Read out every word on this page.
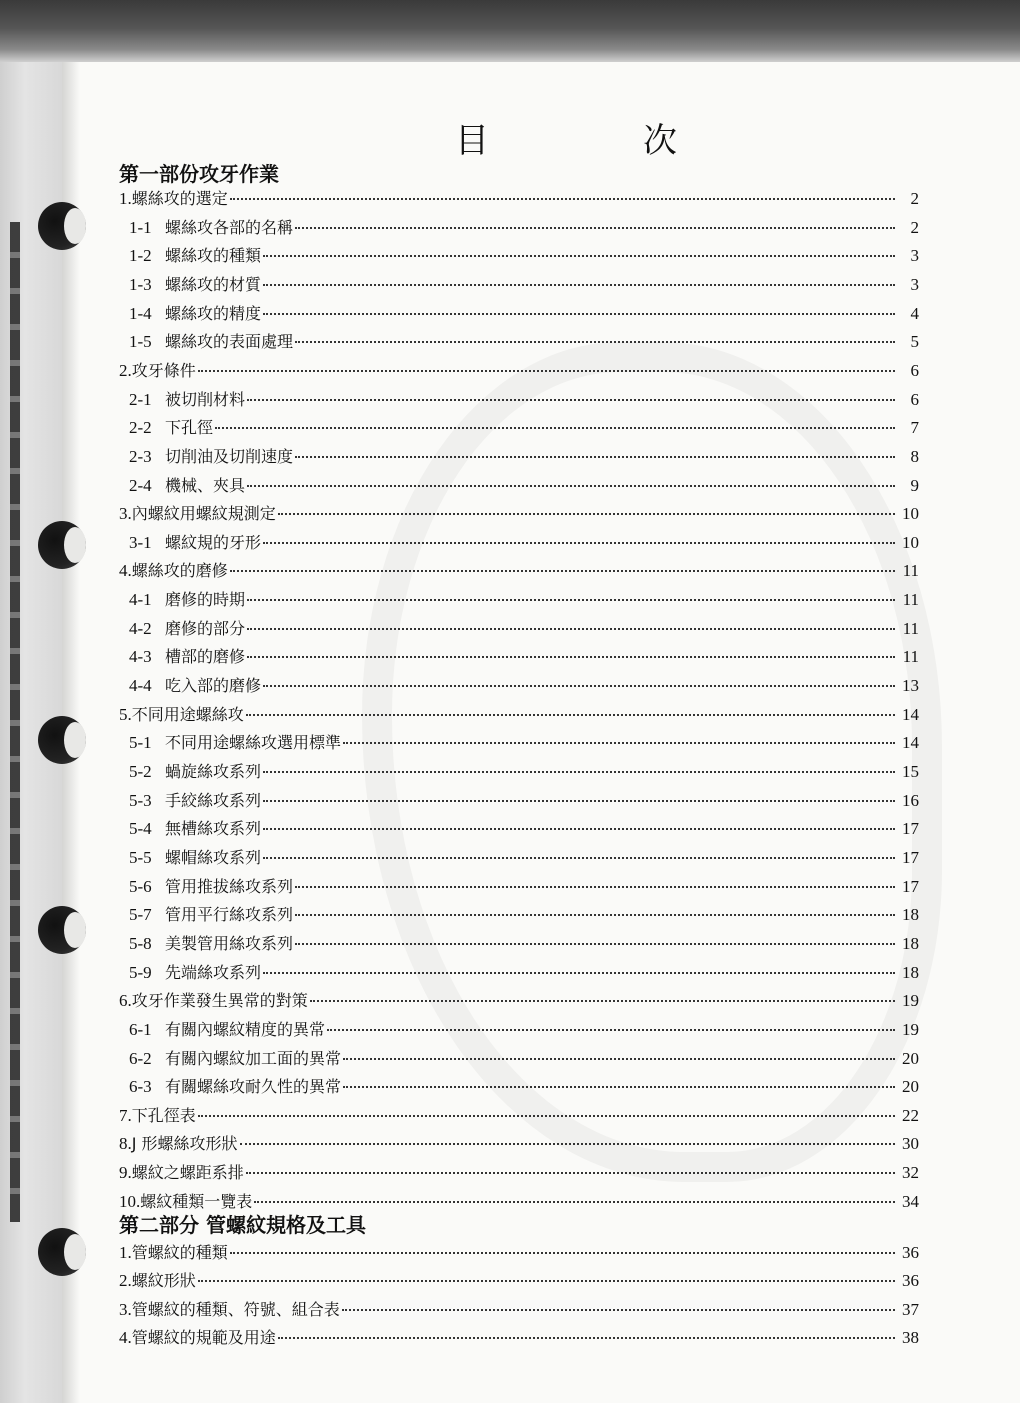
目　次
第一部份攻牙作業
1. 螺絲攻的選定	2
1-1 螺絲攻各部的名稱	2
1-2 螺絲攻的種類	3
1-3 螺絲攻的材質	3
1-4 螺絲攻的精度	4
1-5 螺絲攻的表面處理	5
2. 攻牙條件	6
2-1 被切削材料	6
2-2 下孔徑	7
2-3 切削油及切削速度	8
2-4 機械、夾具	9
3. 內螺紋用螺紋規測定	10
3-1 螺紋規的牙形	10
4. 螺絲攻的磨修	11
4-1 磨修的時期	11
4-2 磨修的部分	11
4-3 槽部的磨修	11
4-4 吃入部的磨修	13
5. 不同用途螺絲攻	14
5-1 不同用途螺絲攻選用標準	14
5-2 蝸旋絲攻系列	15
5-3 手絞絲攻系列	16
5-4 無槽絲攻系列	17
5-5 螺帽絲攻系列	17
5-6 管用推拔絲攻系列	17
5-7 管用平行絲攻系列	18
5-8 美製管用絲攻系列	18
5-9 先端絲攻系列	18
6. 攻牙作業發生異常的對策	19
6-1 有關內螺紋精度的異常	19
6-2 有關內螺紋加工面的異常	20
6-3 有關螺絲攻耐久性的異常	20
7. 下孔徑表	22
8. J 形螺絲攻形狀	30
9. 螺紋之螺距系排	32
10. 螺紋種類一覽表	34
第二部分 管螺紋規格及工具
1. 管螺紋的種類	36
2. 螺紋形狀	36
3. 管螺紋的種類、符號、組合表	37
4. 管螺紋的規範及用途	38
